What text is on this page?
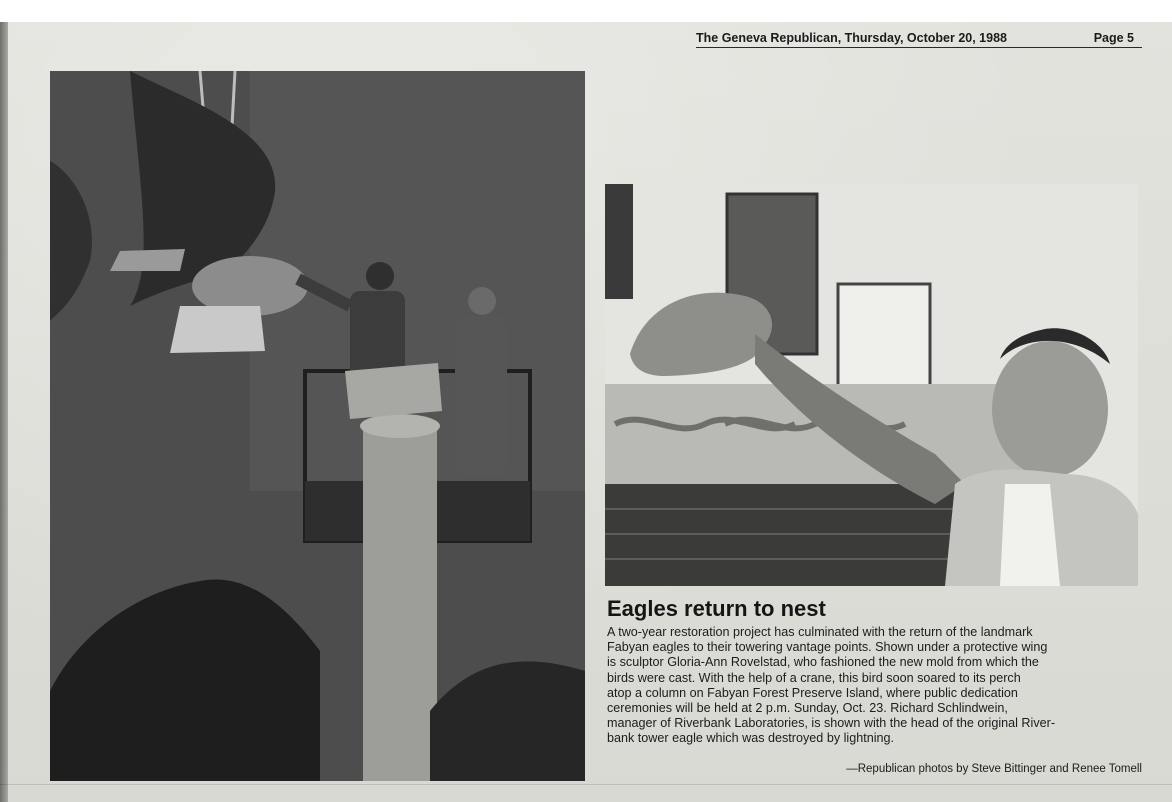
The Geneva Republican, Thursday, October 20, 1988	Page 5
Eagles return to nest
A two-year restoration project has culminated with the return of the landmark
Fabyan eagles to their towering vantage points. Shown under a protective wing
is sculptor Gloria-Ann Rovelstad, who fashioned the new mold from which the
birds were cast. With the help of a crane, this bird soon soared to its perch
atop a column on Fabyan Forest Preserve Island, where public dedication
ceremonies will be held at 2 p.m. Sunday, Oct. 23. Richard Schlindwein,
manager of Riverbank Laboratories, is shown with the head of the original River-
bank tower eagle which was destroyed by lightning.
—Republican photos by Steve Bittinger and Renee Tomell
